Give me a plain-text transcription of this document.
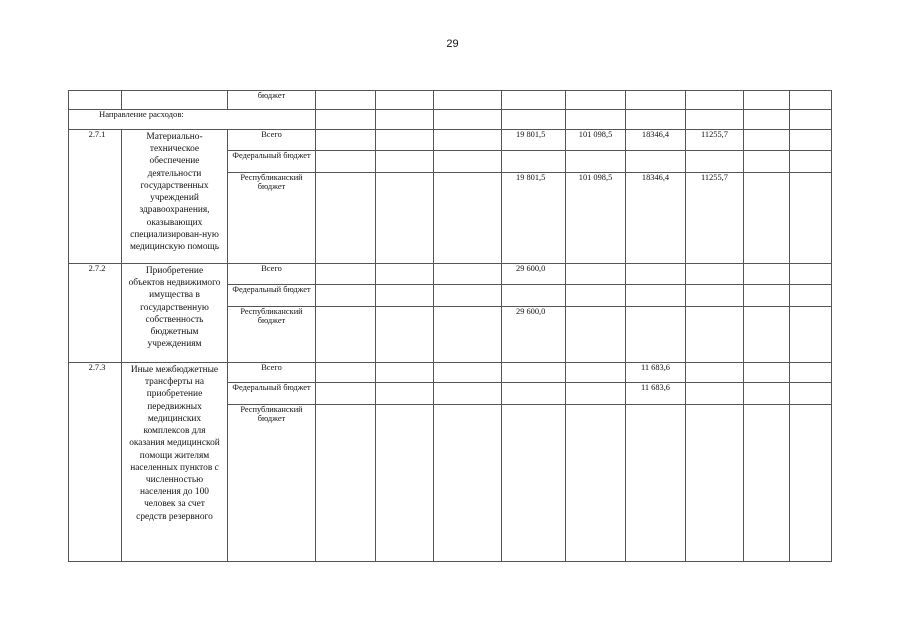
29
		бюджет									
Направление расходов:											
2.7.1	Материально-техническое обеспечение деятельности государственных учреждений здравоохранения, оказывающих специализирован-ную медицинскую помощь	Всего				19 801,5	101 098,5	18346,4	11255,7		
		Федеральный бюджет									
		Республиканский бюджет				19 801,5	101 098,5	18346,4	11255,7		
2.7.2	Приобретение объектов недвижимого имущества в государственную собственность бюджетным учреждениям	Всего				29 600,0					
		Федеральный бюджет									
		Республиканский бюджет				29 600,0					
2.7.3	Иные межбюджетные трансферты на приобретение передвижных медицинских комплексов для оказания медицинской помощи жителям населенных пунктов с численностью населения до 100 человек за счет средств резервного	Всего						11 683,6			
		Федеральный бюджет						11 683,6			
		Республиканский бюджет									
